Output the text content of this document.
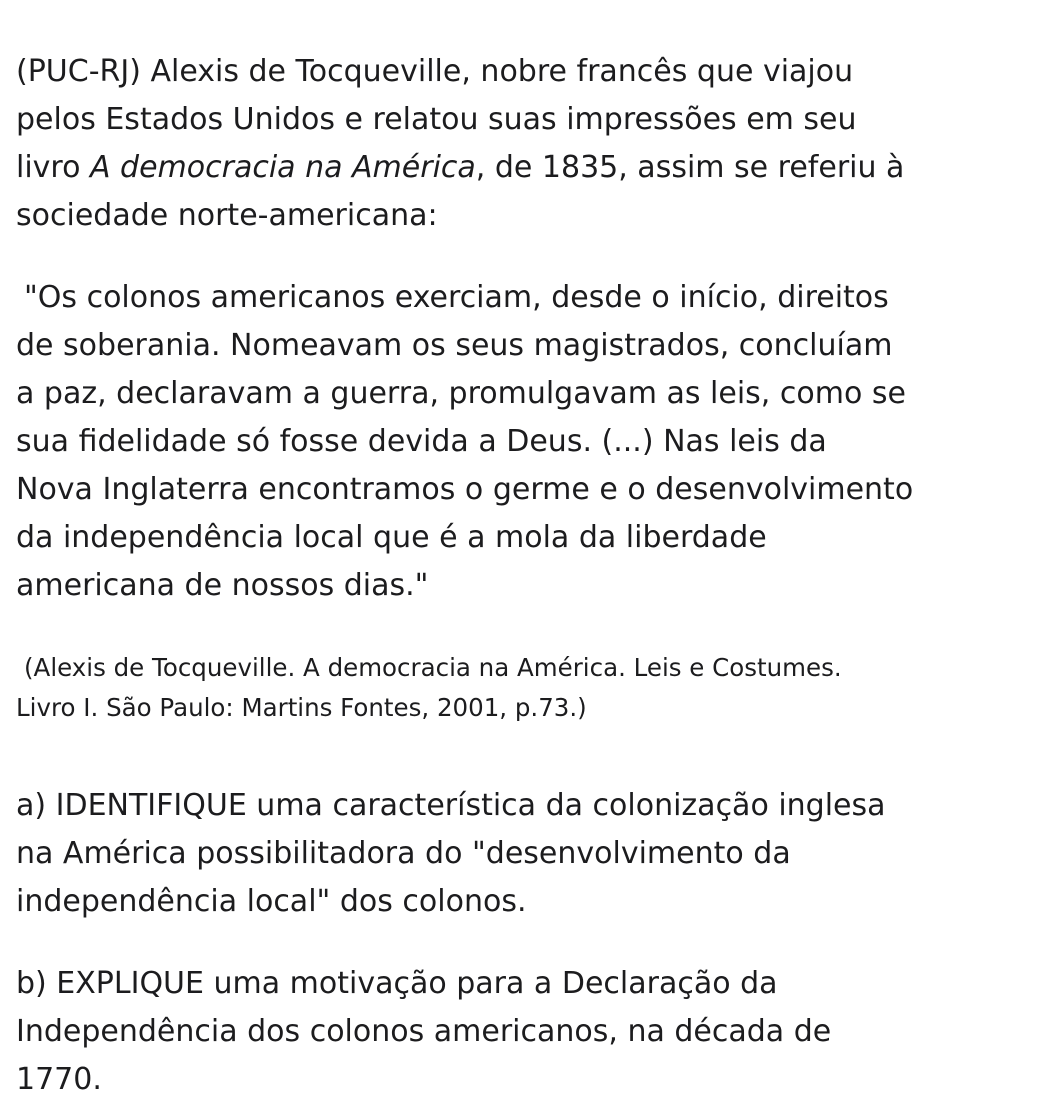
(PUC-RJ) Alexis de Tocqueville, nobre francês que viajou
pelos Estados Unidos e relatou suas impressões em seu
livro A democracia na América, de 1835, assim se referiu à
sociedade norte-americana:

"Os colonos americanos exerciam, desde o início, direitos
de soberania. Nomeavam os seus magistrados, concluíam
a paz, declaravam a guerra, promulgavam as leis, como se
sua fidelidade só fosse devida a Deus. (...) Nas leis da
Nova Inglaterra encontramos o germe e o desenvolvimento
da independência local que é a mola da liberdade
americana de nossos dias."

(Alexis de Tocqueville. A democracia na América. Leis e Costumes.
Livro I. São Paulo: Martins Fontes, 2001, p.73.)

a) IDENTIFIQUE uma característica da colonização inglesa
na América possibilitadora do "desenvolvimento da
independência local" dos colonos.

b) EXPLIQUE uma motivação para a Declaração da
Independência dos colonos americanos, na década de
1770.
